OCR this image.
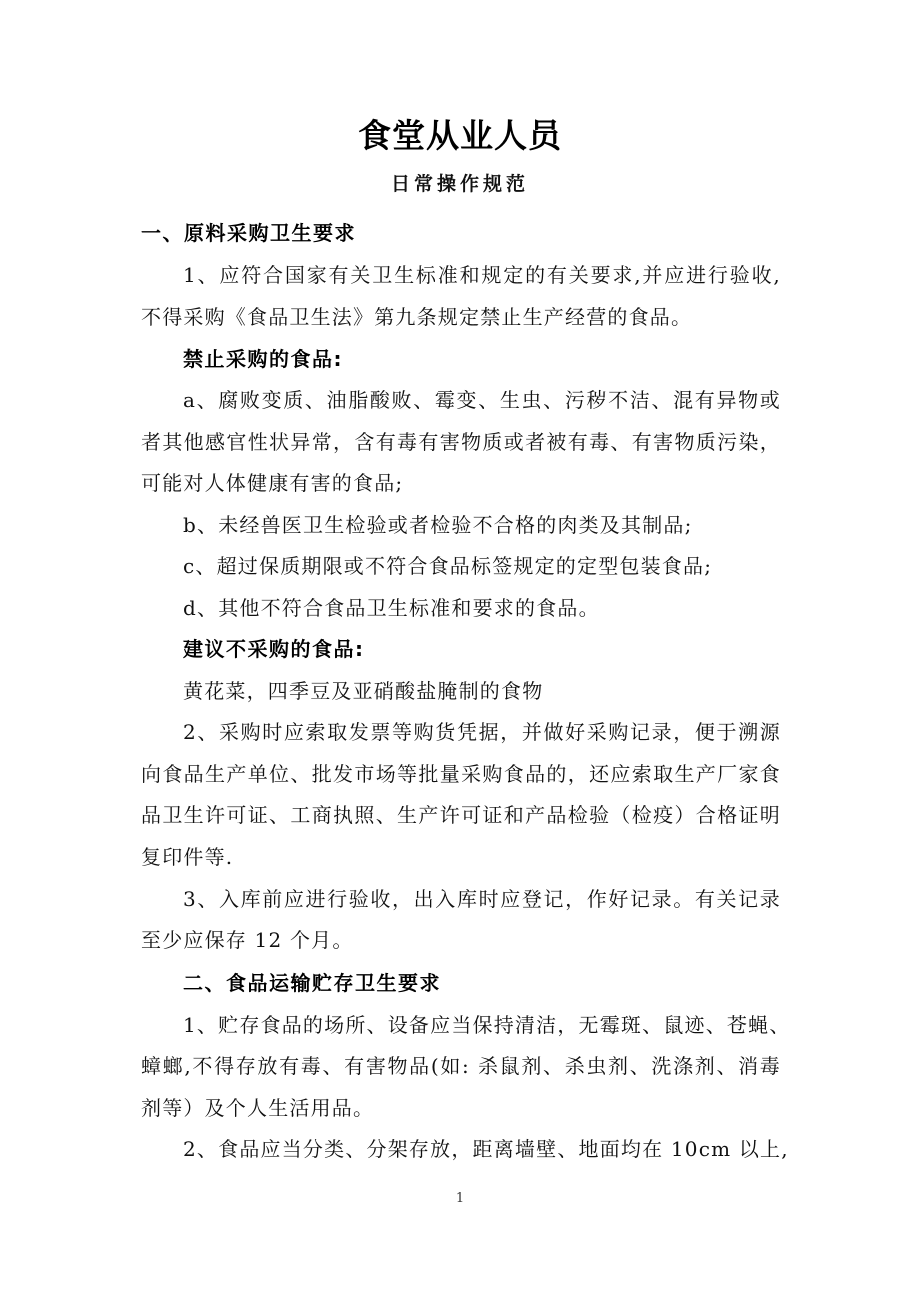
食堂从业人员
日常操作规范
一、原料采购卫生要求
1、应符合国家有关卫生标准和规定的有关要求,并应进行验收,
不得采购《食品卫生法》第九条规定禁止生产经营的食品。
禁止采购的食品:
a、腐败变质、油脂酸败、霉变、生虫、污秽不洁、混有异物或
者其他感官性状异常，含有毒有害物质或者被有毒、有害物质污染，
可能对人体健康有害的食品;
b、未经兽医卫生检验或者检验不合格的肉类及其制品;
c、超过保质期限或不符合食品标签规定的定型包装食品;
d、其他不符合食品卫生标准和要求的食品。
建议不采购的食品:
黄花菜，四季豆及亚硝酸盐腌制的食物
2、采购时应索取发票等购货凭据，并做好采购记录，便于溯源
向食品生产单位、批发市场等批量采购食品的，还应索取生产厂家食
品卫生许可证、工商执照、生产许可证和产品检验（检疫）合格证明
复印件等.
3、入库前应进行验收，出入库时应登记，作好记录。有关记录
至少应保存 12 个月。
二、食品运输贮存卫生要求
1、贮存食品的场所、设备应当保持清洁，无霉斑、鼠迹、苍蝇、
蟑螂,不得存放有毒、有害物品(如: 杀鼠剂、杀虫剂、洗涤剂、消毒
剂等）及个人生活用品。
2、食品应当分类、分架存放，距离墙壁、地面均在 10cm 以上,
1
